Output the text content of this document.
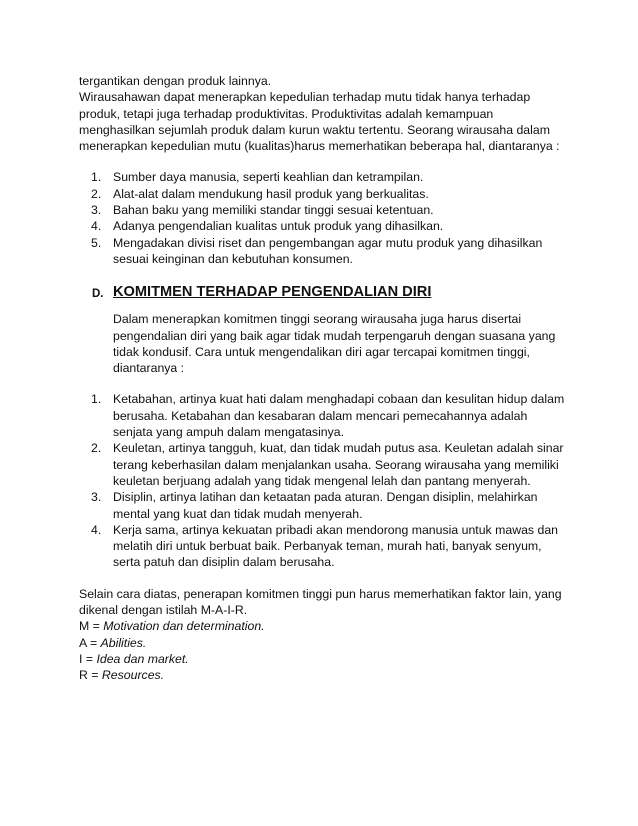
tergantikan dengan produk lainnya.

Wirausahawan dapat menerapkan kepedulian terhadap mutu tidak hanya terhadap produk, tetapi juga terhadap produktivitas. Produktivitas adalah kemampuan menghasilkan sejumlah produk dalam kurun waktu tertentu. Seorang wirausaha dalam menerapkan kepedulian mutu (kualitas)harus memerhatikan beberapa hal, diantaranya :

1. Sumber daya manusia, seperti keahlian dan ketrampilan.
2. Alat-alat dalam mendukung hasil produk yang berkualitas.
3. Bahan baku yang memiliki standar tinggi sesuai ketentuan.
4. Adanya pengendalian kualitas untuk produk yang dihasilkan.
5. Mengadakan divisi riset dan pengembangan agar mutu produk yang dihasilkan sesuai keinginan dan kebutuhan konsumen.
D. KOMITMEN TERHADAP PENGENDALIAN DIRI

Dalam menerapkan komitmen tinggi seorang wirausaha juga harus disertai pengendalian diri yang baik agar tidak mudah terpengaruh dengan suasana yang tidak kondusif. Cara untuk mengendalikan diri agar tercapai komitmen tinggi, diantaranya :

1. Ketabahan, artinya kuat hati dalam menghadapi cobaan dan kesulitan hidup dalam berusaha. Ketabahan dan kesabaran dalam mencari pemecahannya adalah senjata yang ampuh dalam mengatasinya.
2. Keuletan, artinya tangguh, kuat, dan tidak mudah putus asa. Keuletan adalah sinar terang keberhasilan dalam menjalankan usaha. Seorang wirausaha yang memiliki keuletan berjuang adalah yang tidak mengenal lelah dan pantang menyerah.
3. Disiplin, artinya latihan dan ketaatan pada aturan. Dengan disiplin, melahirkan mental yang kuat dan tidak mudah menyerah.
4. Kerja sama, artinya kekuatan pribadi akan mendorong manusia untuk mawas dan melatih diri untuk berbuat baik. Perbanyak teman, murah hati, banyak senyum, serta patuh dan disiplin dalam berusaha.

Selain cara diatas, penerapan komitmen tinggi pun harus memerhatikan faktor lain, yang dikenal dengan istilah M-A-I-R.

M = Motivation dan determination.

A = Abilities.

I = Idea dan market.

R = Resources.
